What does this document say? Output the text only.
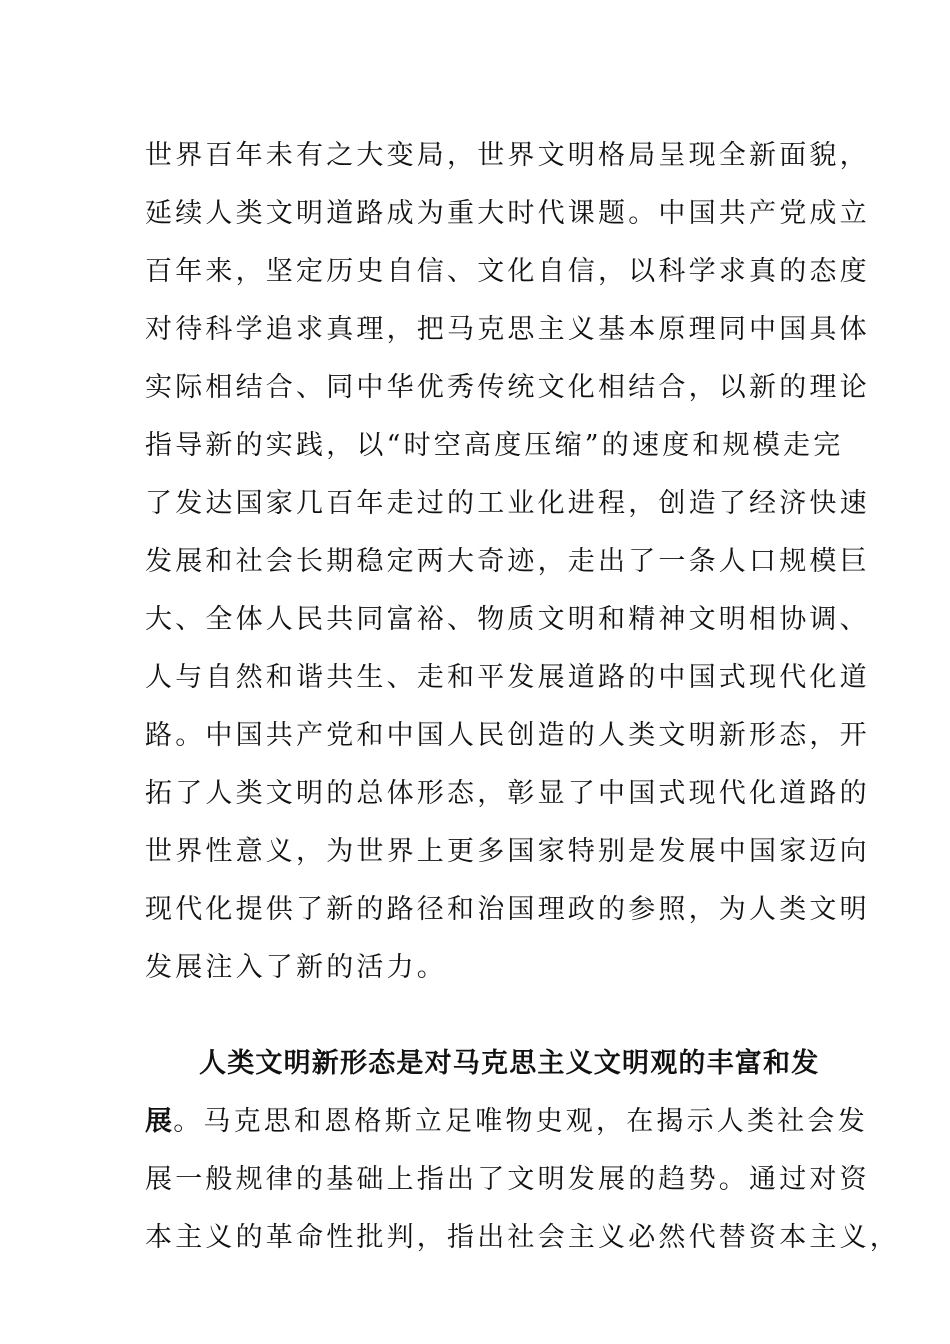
世界百年未有之大变局，世界文明格局呈现全新面貌，
延续人类文明道路成为重大时代课题。中国共产党成立
百年来，坚定历史自信、文化自信，以科学求真的态度
对待科学追求真理，把马克思主义基本原理同中国具体
实际相结合、同中华优秀传统文化相结合，以新的理论
指导新的实践，以“时空高度压缩”的速度和规模走完
了发达国家几百年走过的工业化进程，创造了经济快速
发展和社会长期稳定两大奇迹，走出了一条人口规模巨
大、全体人民共同富裕、物质文明和精神文明相协调、
人与自然和谐共生、走和平发展道路的中国式现代化道
路。中国共产党和中国人民创造的人类文明新形态，开
拓了人类文明的总体形态，彰显了中国式现代化道路的
世界性意义，为世界上更多国家特别是发展中国家迈向
现代化提供了新的路径和治国理政的参照，为人类文明
发展注入了新的活力。
人类文明新形态是对马克思主义文明观的丰富和发
展。马克思和恩格斯立足唯物史观，在揭示人类社会发
展一般规律的基础上指出了文明发展的趋势。通过对资
本主义的革命性批判，指出社会主义必然代替资本主义，
